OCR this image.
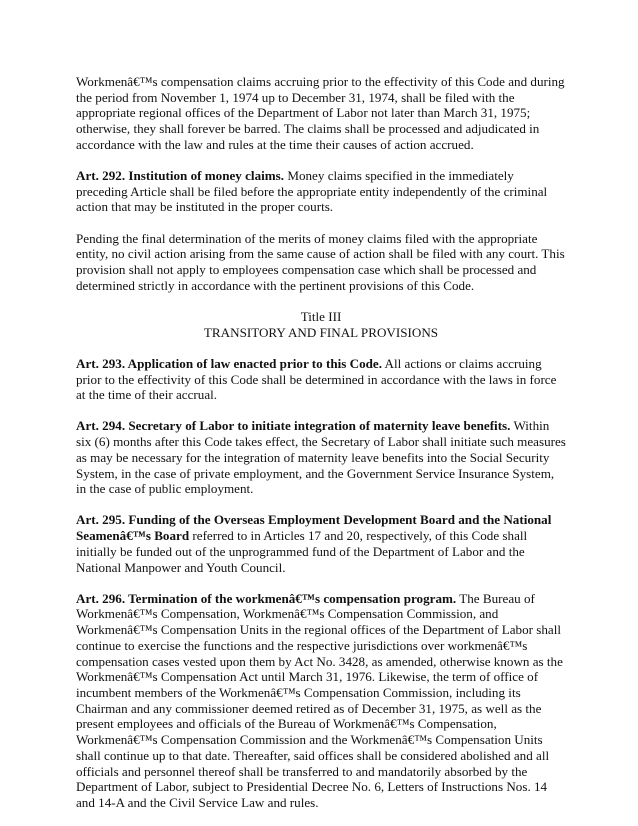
Workmenâ€™s compensation claims accruing prior to the effectivity of this Code and during the period from November 1, 1974 up to December 31, 1974, shall be filed with the appropriate regional offices of the Department of Labor not later than March 31, 1975; otherwise, they shall forever be barred. The claims shall be processed and adjudicated in accordance with the law and rules at the time their causes of action accrued.

Art. 292. Institution of money claims. Money claims specified in the immediately preceding Article shall be filed before the appropriate entity independently of the criminal action that may be instituted in the proper courts.

Pending the final determination of the merits of money claims filed with the appropriate entity, no civil action arising from the same cause of action shall be filed with any court. This provision shall not apply to employees compensation case which shall be processed and determined strictly in accordance with the pertinent provisions of this Code.

Title III
TRANSITORY AND FINAL PROVISIONS

Art. 293. Application of law enacted prior to this Code. All actions or claims accruing prior to the effectivity of this Code shall be determined in accordance with the laws in force at the time of their accrual.

Art. 294. Secretary of Labor to initiate integration of maternity leave benefits. Within six (6) months after this Code takes effect, the Secretary of Labor shall initiate such measures as may be necessary for the integration of maternity leave benefits into the Social Security System, in the case of private employment, and the Government Service Insurance System, in the case of public employment.

Art. 295. Funding of the Overseas Employment Development Board and the National Seamenâ€™s Board referred to in Articles 17 and 20, respectively, of this Code shall initially be funded out of the unprogrammed fund of the Department of Labor and the National Manpower and Youth Council.

Art. 296. Termination of the workmenâ€™s compensation program. The Bureau of Workmenâ€™s Compensation, Workmenâ€™s Compensation Commission, and Workmenâ€™s Compensation Units in the regional offices of the Department of Labor shall continue to exercise the functions and the respective jurisdictions over workmenâ€™s compensation cases vested upon them by Act No. 3428, as amended, otherwise known as the Workmenâ€™s Compensation Act until March 31, 1976. Likewise, the term of office of incumbent members of the Workmenâ€™s Compensation Commission, including its Chairman and any commissioner deemed retired as of December 31, 1975, as well as the present employees and officials of the Bureau of Workmenâ€™s Compensation, Workmenâ€™s Compensation Commission and the Workmenâ€™s Compensation Units shall continue up to that date. Thereafter, said offices shall be considered abolished and all officials and personnel thereof shall be transferred to and mandatorily absorbed by the Department of Labor, subject to Presidential Decree No. 6, Letters of Instructions Nos. 14 and 14-A and the Civil Service Law and rules.
